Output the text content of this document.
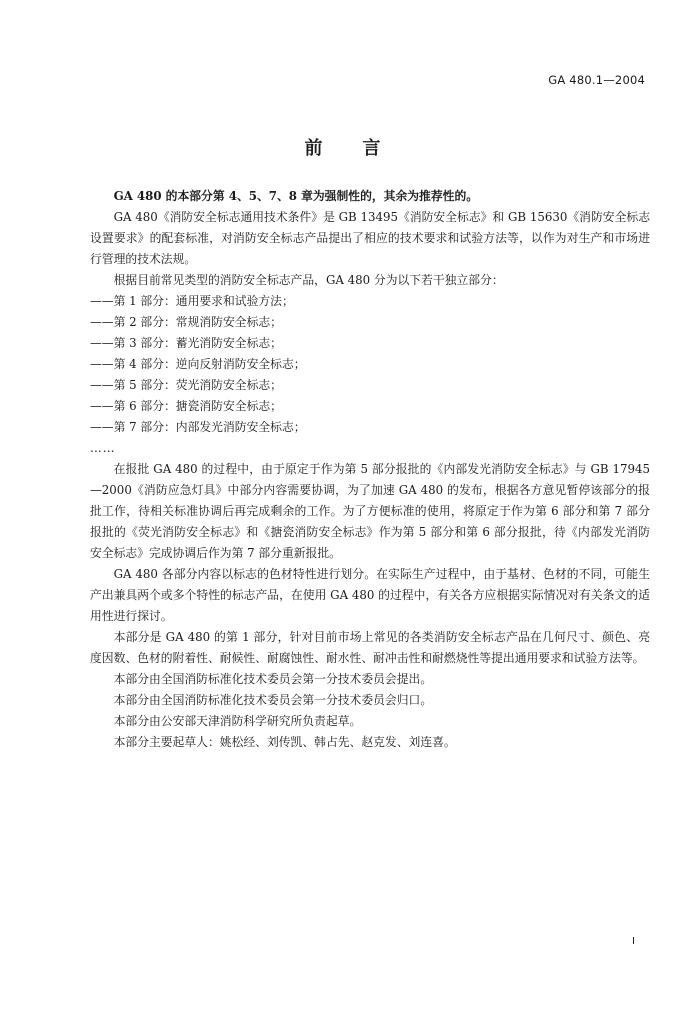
GA 480.1—2004
前言

GA 480 的本部分第 4、5、7、8 章为强制性的，其余为推荐性的。

GA 480《消防安全标志通用技术条件》是 GB 13495《消防安全标志》和 GB 15630《消防安全标志设置要求》的配套标准，对消防安全标志产品提出了相应的技术要求和试验方法等，以作为对生产和市场进行管理的技术法规。

根据目前常见类型的消防安全标志产品，GA 480 分为以下若干独立部分：

——第 1 部分：通用要求和试验方法；

——第 2 部分：常规消防安全标志；

——第 3 部分：蓄光消防安全标志；

——第 4 部分：逆向反射消防安全标志；

——第 5 部分：荧光消防安全标志；

——第 6 部分：搪瓷消防安全标志；

——第 7 部分：内部发光消防安全标志；

……

在报批 GA 480 的过程中，由于原定于作为第 5 部分报批的《内部发光消防安全标志》与 GB 17945—2000《消防应急灯具》中部分内容需要协调，为了加速 GA 480 的发布，根据各方意见暂停该部分的报批工作，待相关标准协调后再完成剩余的工作。为了方便标准的使用，将原定于作为第 6 部分和第 7 部分报批的《荧光消防安全标志》和《搪瓷消防安全标志》作为第 5 部分和第 6 部分报批，待《内部发光消防安全标志》完成协调后作为第 7 部分重新报批。

GA 480 各部分内容以标志的色材特性进行划分。在实际生产过程中，由于基材、色材的不同，可能生产出兼具两个或多个特性的标志产品，在使用 GA 480 的过程中，有关各方应根据实际情况对有关条文的适用性进行探讨。

本部分是 GA 480 的第 1 部分，针对目前市场上常见的各类消防安全标志产品在几何尺寸、颜色、亮度因数、色材的附着性、耐候性、耐腐蚀性、耐水性、耐冲击性和耐燃烧性等提出通用要求和试验方法等。

本部分由全国消防标准化技术委员会第一分技术委员会提出。

本部分由全国消防标准化技术委员会第一分技术委员会归口。

本部分由公安部天津消防科学研究所负责起草。

本部分主要起草人：姚松经、刘传凯、韩占先、赵克发、刘连喜。

I
